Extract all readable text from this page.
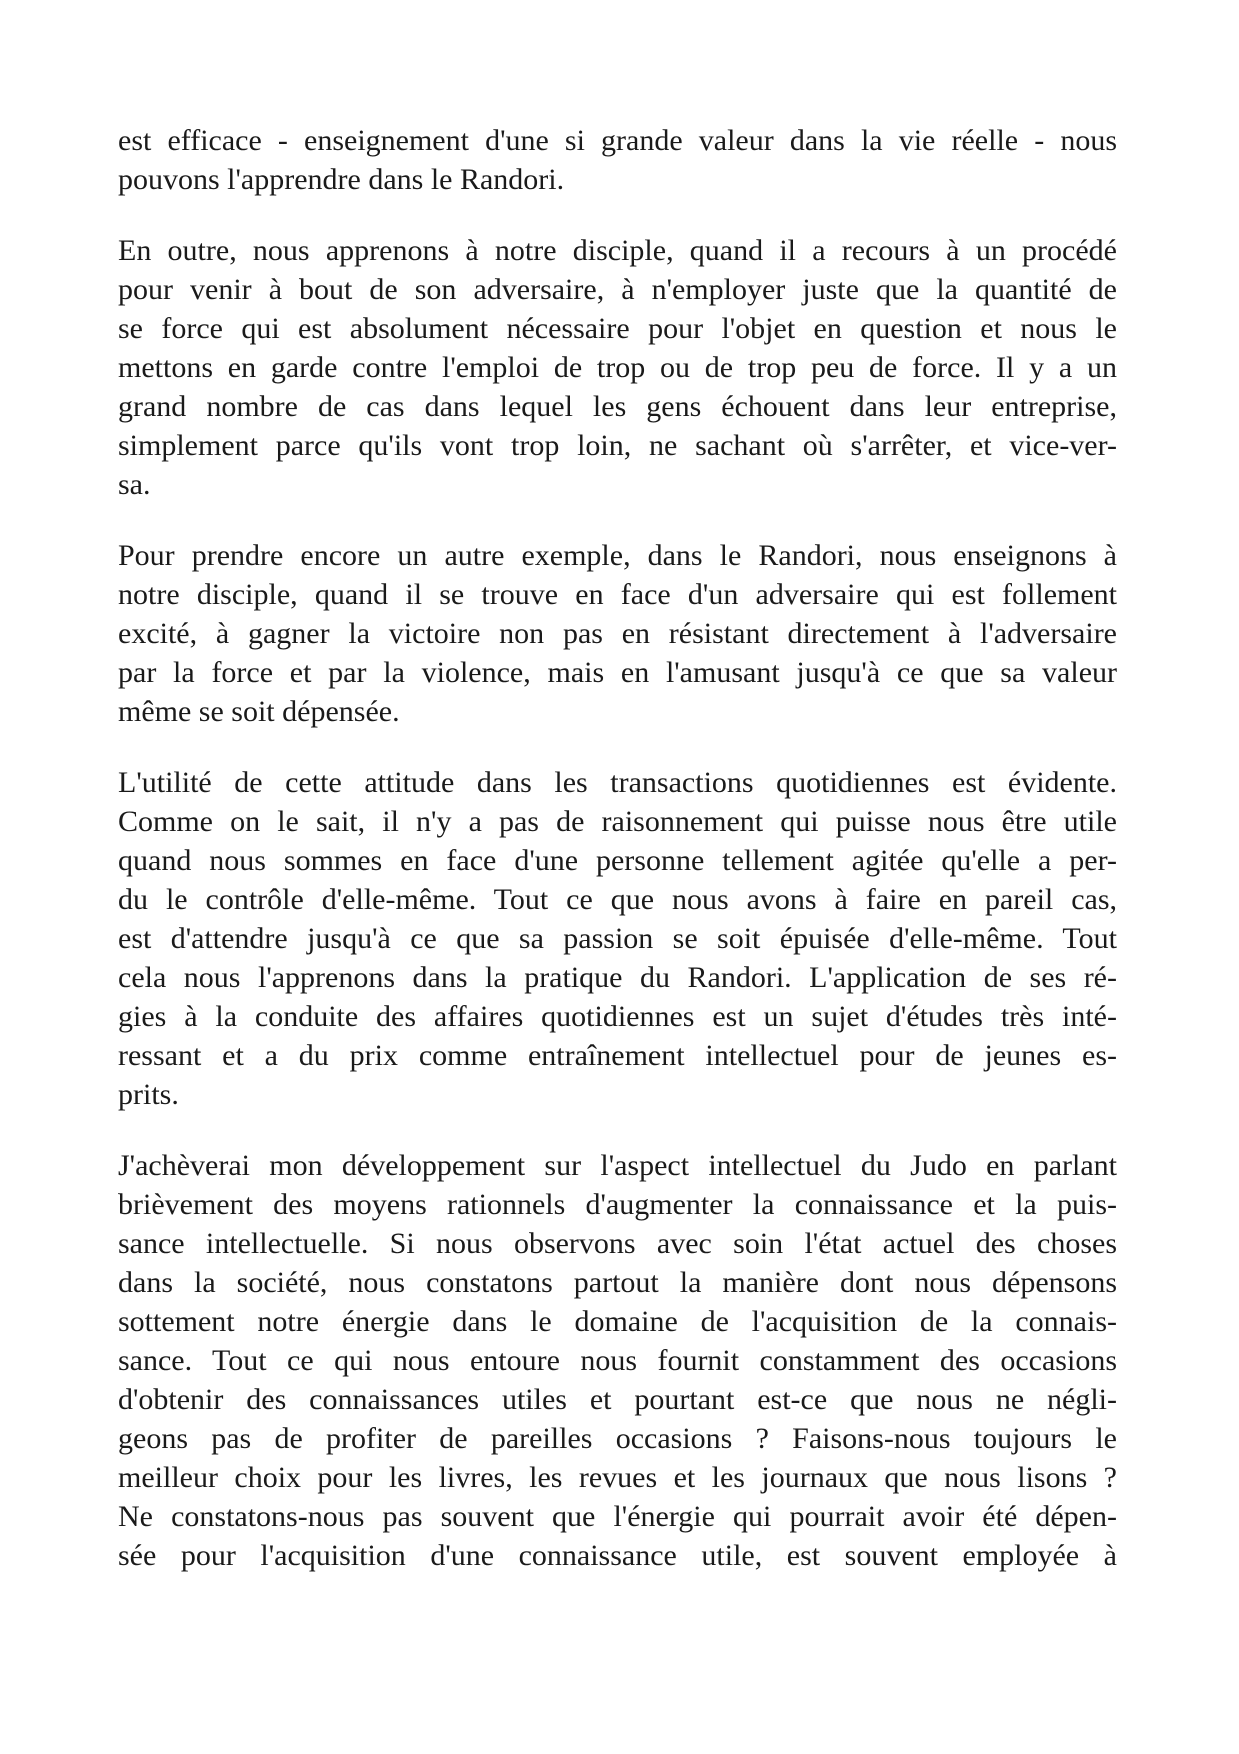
est efficace - enseignement d'une si grande valeur dans la vie réelle - nous
pouvons l'apprendre dans le Randori.

En outre, nous apprenons à notre disciple, quand il a recours à un procédé
pour venir à bout de son adversaire, à n'employer juste que la quantité de
se force qui est absolument nécessaire pour l'objet en question et nous le
mettons en garde contre l'emploi de trop ou de trop peu de force. Il y a un
grand nombre de cas dans lequel les gens échouent dans leur entreprise,
simplement parce qu'ils vont trop loin, ne sachant où s'arrêter, et vice-ver-
sa.

Pour prendre encore un autre exemple, dans le Randori, nous enseignons à
notre disciple, quand il se trouve en face d'un adversaire qui est follement
excité, à gagner la victoire non pas en résistant directement à l'adversaire
par la force et par la violence, mais en l'amusant jusqu'à ce que sa valeur
même se soit dépensée.

L'utilité de cette attitude dans les transactions quotidiennes est évidente.
Comme on le sait, il n'y a pas de raisonnement qui puisse nous être utile
quand nous sommes en face d'une personne tellement agitée qu'elle a per-
du le contrôle d'elle-même. Tout ce que nous avons à faire en pareil cas,
est d'attendre jusqu'à ce que sa passion se soit épuisée d'elle-même. Tout
cela nous l'apprenons dans la pratique du Randori. L'application de ses ré-
gies à la conduite des affaires quotidiennes est un sujet d'études très inté-
ressant et a du prix comme entraînement intellectuel pour de jeunes es-
prits.

J'achèverai mon développement sur l'aspect intellectuel du Judo en parlant
brièvement des moyens rationnels d'augmenter la connaissance et la puis-
sance intellectuelle. Si nous observons avec soin l'état actuel des choses
dans la société, nous constatons partout la manière dont nous dépensons
sottement notre énergie dans le domaine de l'acquisition de la connais-
sance. Tout ce qui nous entoure nous fournit constamment des occasions
d'obtenir des connaissances utiles et pourtant est-ce que nous ne négli-
geons pas de profiter de pareilles occasions ? Faisons-nous toujours le
meilleur choix pour les livres, les revues et les journaux que nous lisons ?
Ne constatons-nous pas souvent que l'énergie qui pourrait avoir été dépen-
sée pour l'acquisition d'une connaissance utile, est souvent employée à
